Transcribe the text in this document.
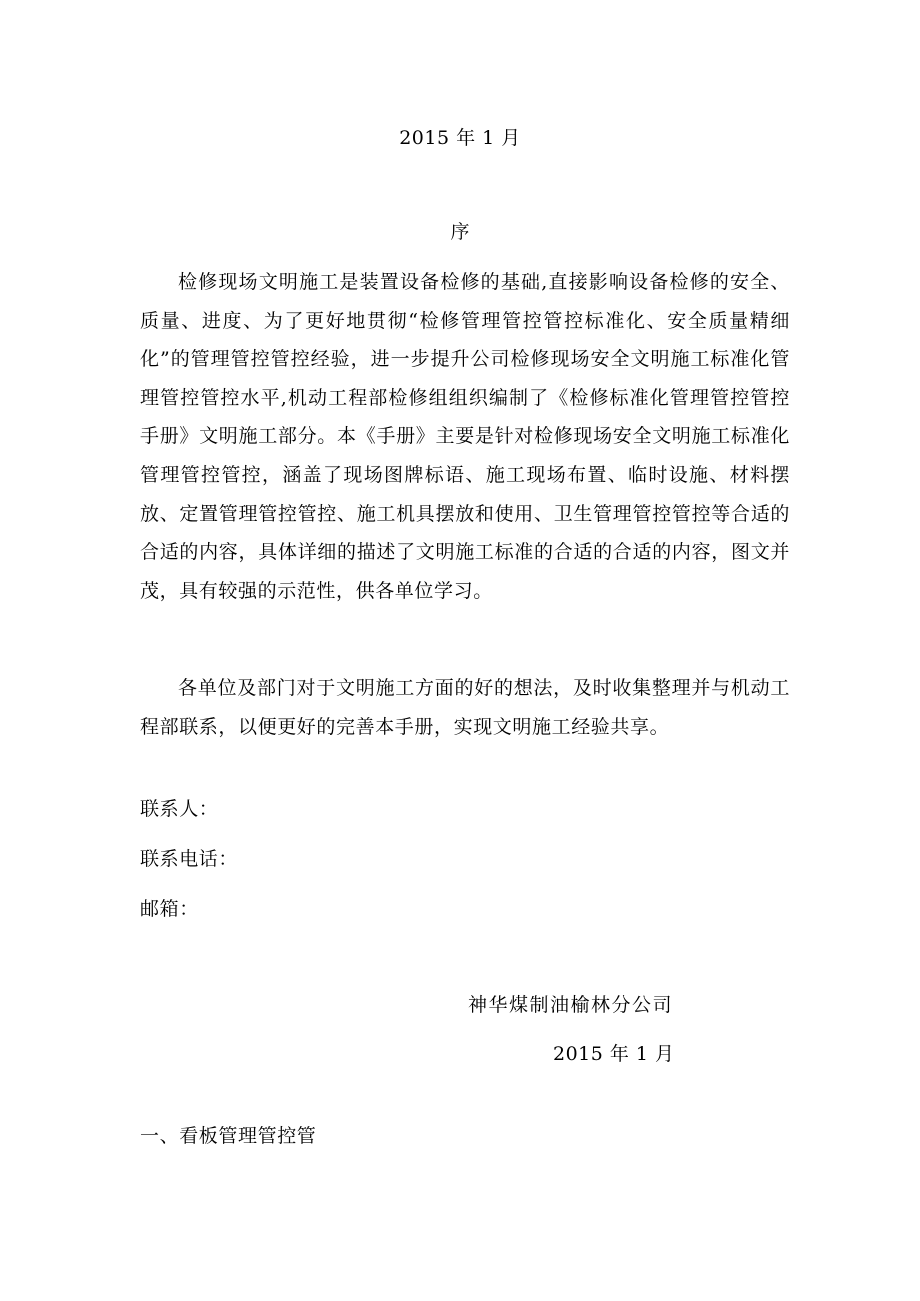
2015 年 1 月
序

检修现场文明施工是装置设备检修的基础,直接影响设备检修的安全、质量、进度、为了更好地贯彻“检修管理管控管控标准化、安全质量精细化”的管理管控管控经验，进一步提升公司检修现场安全文明施工标准化管理管控管控水平,机动工程部检修组组织编制了《检修标准化管理管控管控手册》文明施工部分。本《手册》主要是针对检修现场安全文明施工标准化管理管控管控，涵盖了现场图牌标语、施工现场布置、临时设施、材料摆放、定置管理管控管控、施工机具摆放和使用、卫生管理管控管控等合适的合适的内容，具体详细的描述了文明施工标准的合适的合适的内容，图文并茂，具有较强的示范性，供各单位学习。

各单位及部门对于文明施工方面的好的想法，及时收集整理并与机动工程部联系，以便更好的完善本手册，实现文明施工经验共享。

联系人：

联系电话：

邮箱：

神华煤制油榆林分公司

2015 年 1 月

一、看板管理管控管
